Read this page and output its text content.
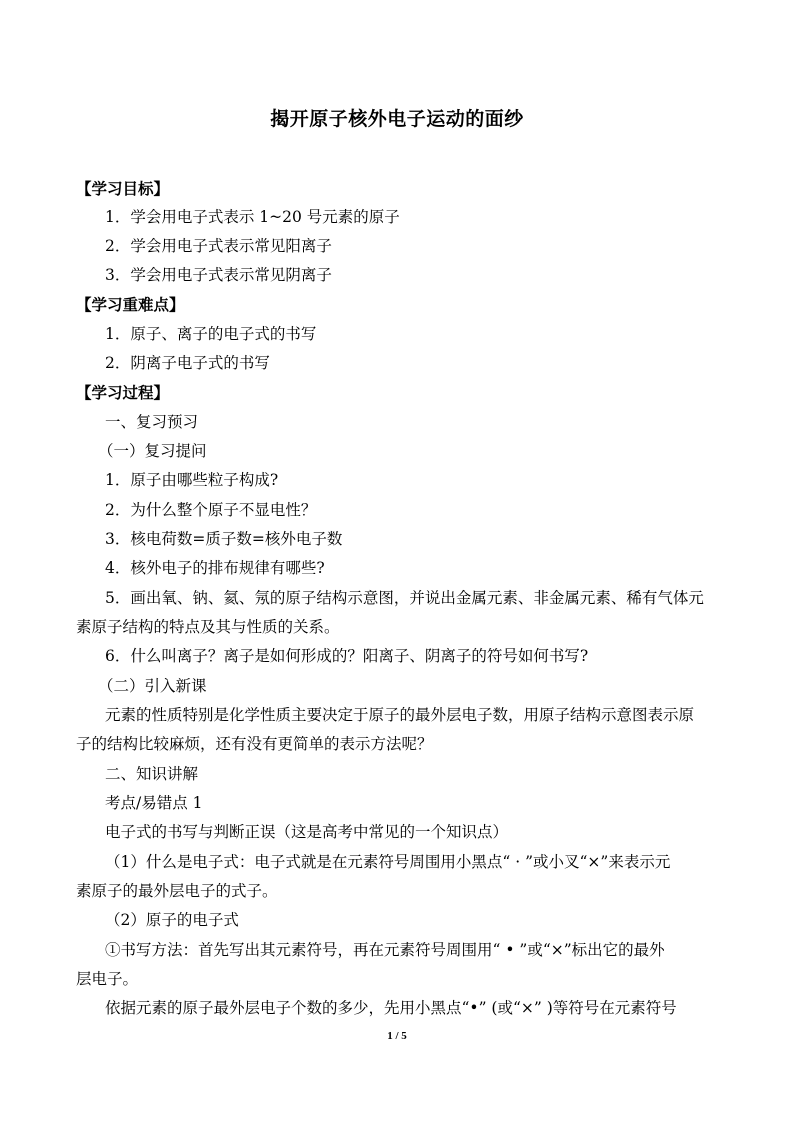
揭开原子核外电子运动的面纱
【学习目标】
1．学会用电子式表示 1~20 号元素的原子
2．学会用电子式表示常见阳离子
3．学会用电子式表示常见阴离子
【学习重难点】
1．原子、离子的电子式的书写
2．阴离子电子式的书写
【学习过程】
一、复习预习
（一）复习提问
1．原子由哪些粒子构成?
2．为什么整个原子不显电性？
3．核电荷数=质子数=核外电子数
4．核外电子的排布规律有哪些?
5．画出氧、钠、氦、氖的原子结构示意图，并说出金属元素、非金属元素、稀有气体元
素原子结构的特点及其与性质的关系。
6．什么叫离子？离子是如何形成的？阳离子、阴离子的符号如何书写?
（二）引入新课
元素的性质特别是化学性质主要决定于原子的最外层电子数，用原子结构示意图表示原
子的结构比较麻烦，还有没有更简单的表示方法呢？
二、知识讲解
考点/易错点 1
电子式的书写与判断正误（这是高考中常见的一个知识点）
（1）什么是电子式：电子式就是在元素符号周围用小黑点“ · ”或小叉“×”来表示元
素原子的最外层电子的式子。
（2）原子的电子式
①书写方法：首先写出其元素符号，再在元素符号周围用“ • ”或“×”标出它的最外
层电子。
依据元素的原子最外层电子个数的多少，先用小黑点“•” (或“×” )等符号在元素符号
1 / 5
